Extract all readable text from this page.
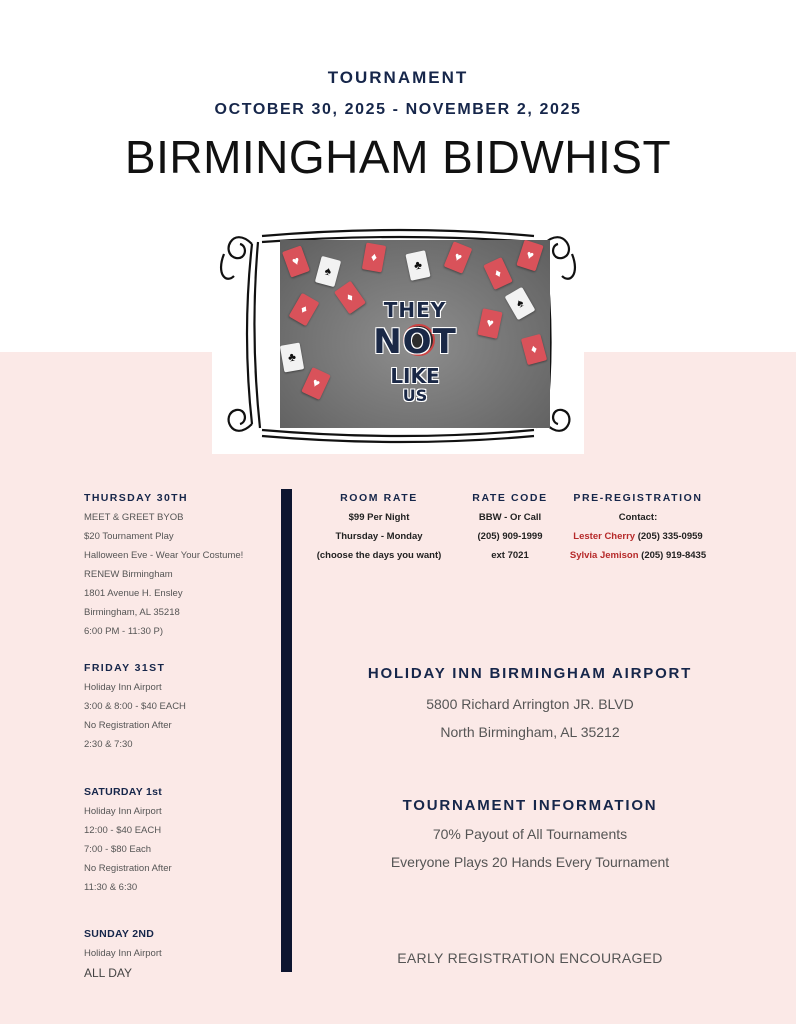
TOURNAMENT
OCTOBER 30, 2025 - NOVEMBER 2, 2025
BIRMINGHAM BIDWHIST
♥
♠
♦
♣
♥
♦
♥
♦	♠
♥
♦
♣
♥
♦
THEY
NOT
LIKE
US
THURSDAY 30TH
MEET & GREET BYOB
$20 Tournament Play
Halloween Eve - Wear Your Costume!
RENEW Birmingham
1801 Avenue H. Ensley
Birmingham, AL 35218
6:00 PM - 11:30 P)
FRIDAY 31ST
Holiday Inn Airport
3:00 & 8:00 - $40 EACH
No Registration After
2:30 & 7:30
SATURDAY 1st
Holiday Inn Airport
12:00 - $40 EACH
7:00 - $80 Each
No Registration After
11:30 & 6:30
SUNDAY 2ND
Holiday Inn Airport
ALL DAY
ROOM RATE
$99 Per Night
Thursday - Monday
(choose the days you want)
RATE CODE
BBW - Or Call
(205) 909-1999
ext 7021
PRE-REGISTRATION
Contact:
Lester Cherry (205) 335-0959
Sylvia Jemison (205) 919-8435
HOLIDAY INN BIRMINGHAM AIRPORT
5800 Richard Arrington JR. BLVD
North Birmingham, AL 35212
TOURNAMENT INFORMATION
70% Payout of All Tournaments
Everyone Plays 20 Hands Every Tournament
EARLY REGISTRATION ENCOURAGED
